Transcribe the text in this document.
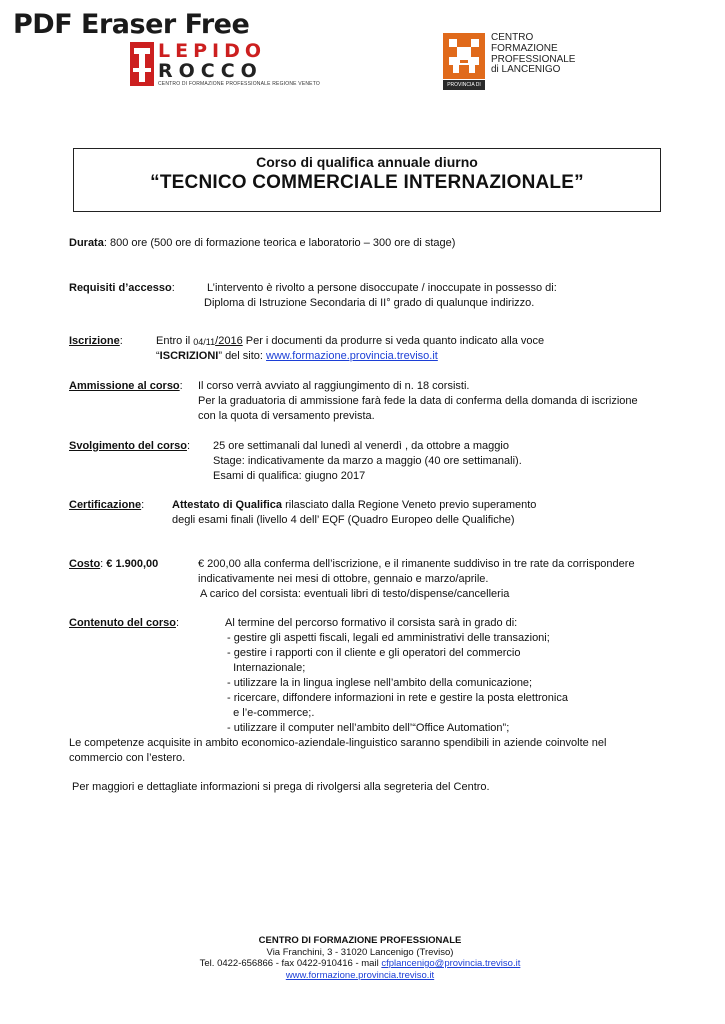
PDF Eraser Free
LEPIDO
ROCCO
CENTRO DI FORMAZIONE PROFESSIONALE REGIONE VENETO	PROVINCIA DI TREVISO
CENTRO
FORMAZIONE
PROFESSIONALE
di LANCENIGO
Corso di qualifica annuale diurno
“TECNICO COMMERCIALE INTERNAZIONALE”
Durata: 800 ore (500 ore di formazione teorica e laboratorio – 300 ore di stage)
Requisiti d’accesso:	L’intervento è rivolto a persone disoccupate / inoccupate in possesso di:
Diploma di Istruzione Secondaria di II° grado di qualunque indirizzo.
Iscrizione:	Entro il 04/11/2016 Per i documenti da produrre si veda quanto indicato alla voce
“ISCRIZIONI” del sito: www.formazione.provincia.treviso.it
Ammissione al corso: Il corso verrà avviato al raggiungimento di n. 18 corsisti.
Per la graduatoria di ammissione farà fede la data di conferma della domanda di iscrizione
con la quota di versamento prevista.
Svolgimento del corso: 25 ore settimanali dal lunedì al venerdì , da ottobre a maggio
Stage: indicativamente da marzo a maggio (40 ore settimanali).
Esami di qualifica: giugno 2017
Certificazione:	Attestato di Qualifica rilasciato dalla Regione Veneto previo superamento
degli esami finali (livello 4 dell’ EQF (Quadro Europeo delle Qualifiche)
Costo: € 1.900,00	€ 200,00 alla conferma dell’iscrizione, e il rimanente suddiviso in tre rate da corrispondere
indicativamente nei mesi di ottobre, gennaio e marzo/aprile.
A carico del corsista: eventuali libri di testo/dispense/cancelleria
Contenuto del corso:	Al termine del percorso formativo il corsista sarà in grado di:
- gestire gli aspetti fiscali, legali ed amministrativi delle transazioni;
- gestire i rapporti con il cliente e gli operatori del commercio
Internazionale;
- utilizzare la in lingua inglese nell’ambito della comunicazione;
- ricercare, diffondere informazioni in rete e gestire la posta elettronica
e l’e-commerce;.
- utilizzare il computer nell’ambito dell’“Office Automation”;
Le competenze acquisite in ambito economico-aziendale-linguistico saranno spendibili in aziende coinvolte nel
commercio con l’estero.
Per maggiori e dettagliate informazioni si prega di rivolgersi alla segreteria del Centro.
CENTRO DI FORMAZIONE PROFESSIONALE
Via Franchini, 3 - 31020 Lancenigo (Treviso)
Tel. 0422-656866 - fax 0422-910416 - mail cfplancenigo@provincia.treviso.it
www.formazione.provincia.treviso.it
